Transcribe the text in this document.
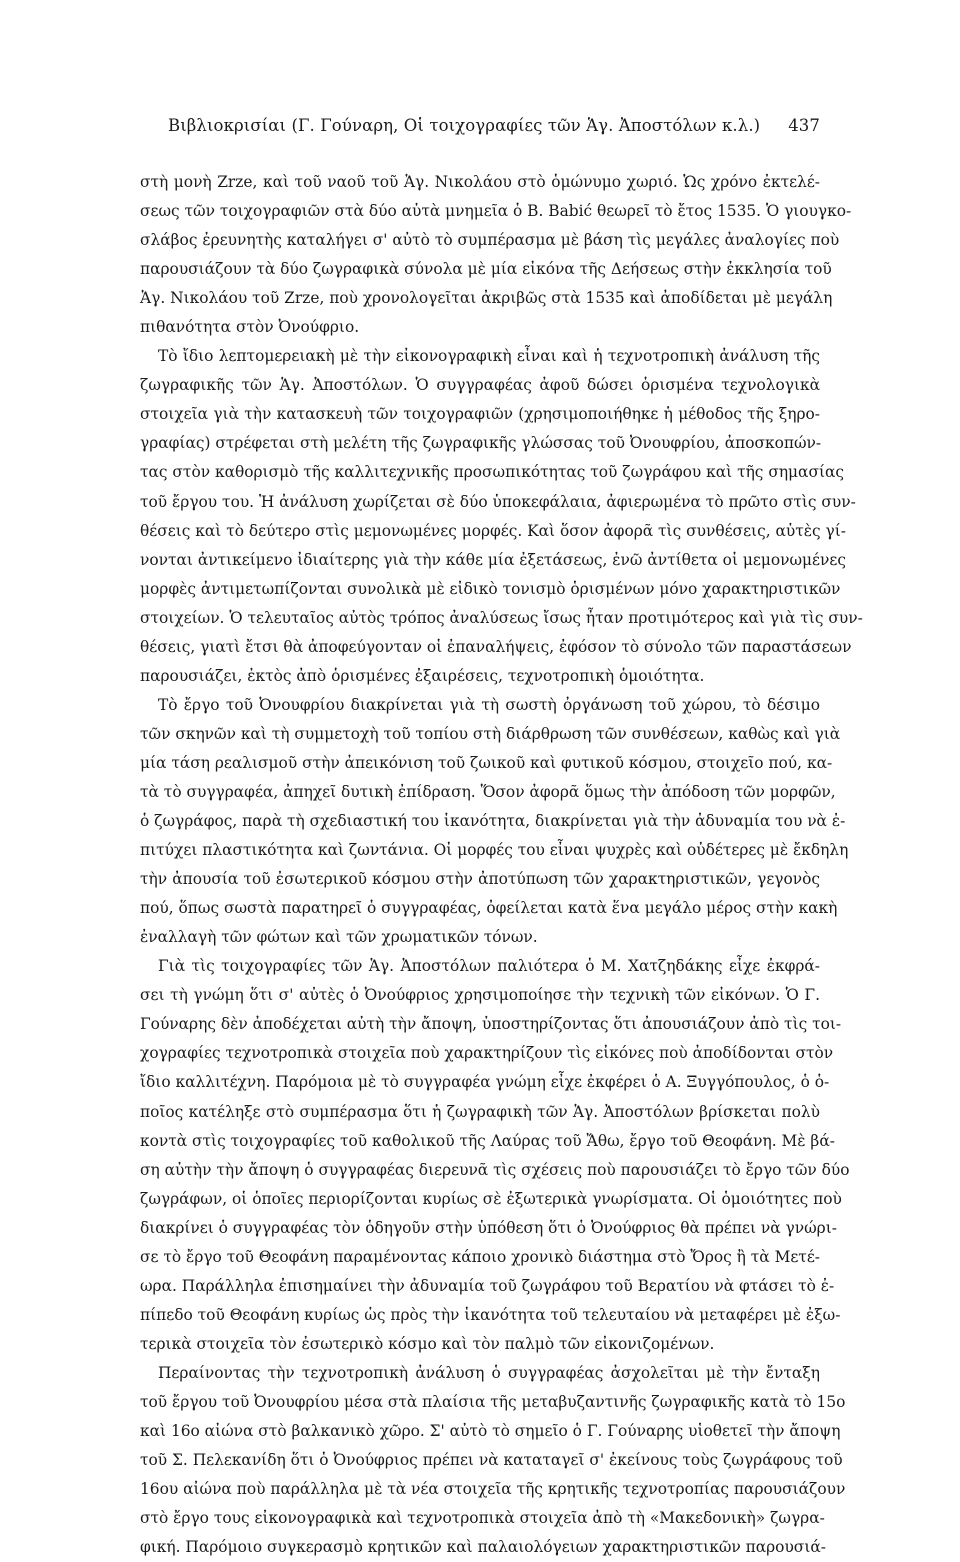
Βιβλιοκρισίαι (Γ. Γούναρη, Οἱ τοιχογραφίες τῶν Ἁγ. Ἀποστόλων κ.λ.) 437

στὴ μονὴ Zrze, καὶ τοῦ ναοῦ τοῦ Ἁγ. Νικολάου στὸ ὁμώνυμο χωριό. Ὡς χρόνο ἐκτελέ-
σεως τῶν τοιχογραφιῶν στὰ δύο αὐτὰ μνημεῖα ὁ Β. Babić θεωρεῖ τὸ ἔτος 1535. Ὁ γιουγκο-
σλάβος ἐρευνητὴς καταλήγει σ' αὐτὸ τὸ συμπέρασμα μὲ βάση τὶς μεγάλες ἀναλογίες ποὺ
παρουσιάζουν τὰ δύο ζωγραφικὰ σύνολα μὲ μία εἰκόνα τῆς Δεήσεως στὴν ἐκκλησία τοῦ
Ἁγ. Νικολάου τοῦ Zrze, ποὺ χρονολογεῖται ἀκριβῶς στὰ 1535 καὶ ἀποδίδεται μὲ μεγάλη
πιθανότητα στὸν Ὀνούφριο.

Τὸ ἴδιο λεπτομερειακὴ μὲ τὴν εἰκονογραφικὴ εἶναι καὶ ἡ τεχνοτροπικὴ ἀνάλυση τῆς
ζωγραφικῆς τῶν Ἁγ. Ἀποστόλων. Ὁ συγγραφέας ἀφοῦ δώσει ὁρισμένα τεχνολογικὰ
στοιχεῖα γιὰ τὴν κατασκευὴ τῶν τοιχογραφιῶν (χρησιμοποιήθηκε ἡ μέθοδος τῆς ξηρο-
γραφίας) στρέφεται στὴ μελέτη τῆς ζωγραφικῆς γλώσσας τοῦ Ὀνουφρίου, ἀποσκοπών-
τας στὸν καθορισμὸ τῆς καλλιτεχνικῆς προσωπικότητας τοῦ ζωγράφου καὶ τῆς σημασίας
τοῦ ἔργου του. Ἡ ἀνάλυση χωρίζεται σὲ δύο ὑποκεφάλαια, ἀφιερωμένα τὸ πρῶτο στὶς συν-
θέσεις καὶ τὸ δεύτερο στὶς μεμονωμένες μορφές. Καὶ ὅσον ἀφορᾶ τὶς συνθέσεις, αὐτὲς γί-
νονται ἀντικείμενο ἰδιαίτερης γιὰ τὴν κάθε μία ἐξετάσεως, ἐνῶ ἀντίθετα οἱ μεμονωμένες
μορφὲς ἀντιμετωπίζονται συνολικὰ μὲ εἰδικὸ τονισμὸ ὁρισμένων μόνο χαρακτηριστικῶν
στοιχείων. Ὁ τελευταῖος αὐτὸς τρόπος ἀναλύσεως ἴσως ἦταν προτιμότερος καὶ γιὰ τὶς συν-
θέσεις, γιατὶ ἔτσι θὰ ἀποφεύγονταν οἱ ἐπαναλήψεις, ἐφόσον τὸ σύνολο τῶν παραστάσεων
παρουσιάζει, ἐκτὸς ἀπὸ ὁρισμένες ἐξαιρέσεις, τεχνοτροπικὴ ὁμοιότητα.

Τὸ ἔργο τοῦ Ὀνουφρίου διακρίνεται γιὰ τὴ σωστὴ ὀργάνωση τοῦ χώρου, τὸ δέσιμο
τῶν σκηνῶν καὶ τὴ συμμετοχὴ τοῦ τοπίου στὴ διάρθρωση τῶν συνθέσεων, καθὼς καὶ γιὰ
μία τάση ρεαλισμοῦ στὴν ἀπεικόνιση τοῦ ζωικοῦ καὶ φυτικοῦ κόσμου, στοιχεῖο πού, κα-
τὰ τὸ συγγραφέα, ἀπηχεῖ δυτικὴ ἐπίδραση. Ὅσον ἀφορᾶ ὅμως τὴν ἀπόδοση τῶν μορφῶν,
ὁ ζωγράφος, παρὰ τὴ σχεδιαστική του ἱκανότητα, διακρίνεται γιὰ τὴν ἀδυναμία του νὰ ἐ-
πιτύχει πλαστικότητα καὶ ζωντάνια. Οἱ μορφές του εἶναι ψυχρὲς καὶ οὐδέτερες μὲ ἔκδηλη
τὴν ἀπουσία τοῦ ἐσωτερικοῦ κόσμου στὴν ἀποτύπωση τῶν χαρακτηριστικῶν, γεγονὸς
πού, ὅπως σωστὰ παρατηρεῖ ὁ συγγραφέας, ὀφείλεται κατὰ ἕνα μεγάλο μέρος στὴν κακὴ
ἐναλλαγὴ τῶν φώτων καὶ τῶν χρωματικῶν τόνων.

Γιὰ τὶς τοιχογραφίες τῶν Ἁγ. Ἀποστόλων παλιότερα ὁ Μ. Χατζηδάκης εἶχε ἐκφρά-
σει τὴ γνώμη ὅτι σ' αὐτὲς ὁ Ὀνούφριος χρησιμοποίησε τὴν τεχνικὴ τῶν εἰκόνων. Ὁ Γ.
Γούναρης δὲν ἀποδέχεται αὐτὴ τὴν ἄποψη, ὑποστηρίζοντας ὅτι ἀπουσιάζουν ἀπὸ τὶς τοι-
χογραφίες τεχνοτροπικὰ στοιχεῖα ποὺ χαρακτηρίζουν τὶς εἰκόνες ποὺ ἀποδίδονται στὸν
ἴδιο καλλιτέχνη. Παρόμοια μὲ τὸ συγγραφέα γνώμη εἶχε ἐκφέρει ὁ Α. Ξυγγόπουλος, ὁ ὁ-
ποῖος κατέληξε στὸ συμπέρασμα ὅτι ἡ ζωγραφικὴ τῶν Ἁγ. Ἀποστόλων βρίσκεται πολὺ
κοντὰ στὶς τοιχογραφίες τοῦ καθολικοῦ τῆς Λαύρας τοῦ Ἄθω, ἔργο τοῦ Θεοφάνη. Μὲ βά-
ση αὐτὴν τὴν ἄποψη ὁ συγγραφέας διερευνᾶ τὶς σχέσεις ποὺ παρουσιάζει τὸ ἔργο τῶν δύο
ζωγράφων, οἱ ὁποῖες περιορίζονται κυρίως σὲ ἐξωτερικὰ γνωρίσματα. Οἱ ὁμοιότητες ποὺ
διακρίνει ὁ συγγραφέας τὸν ὁδηγοῦν στὴν ὑπόθεση ὅτι ὁ Ὀνούφριος θὰ πρέπει νὰ γνώρι-
σε τὸ ἔργο τοῦ Θεοφάνη παραμένοντας κάποιο χρονικὸ διάστημα στὸ Ὄρος ἢ τὰ Μετέ-
ωρα. Παράλληλα ἐπισημαίνει τὴν ἀδυναμία τοῦ ζωγράφου τοῦ Βερατίου νὰ φτάσει τὸ ἐ-
πίπεδο τοῦ Θεοφάνη κυρίως ὡς πρὸς τὴν ἱκανότητα τοῦ τελευταίου νὰ μεταφέρει μὲ ἐξω-
τερικὰ στοιχεῖα τὸν ἐσωτερικὸ κόσμο καὶ τὸν παλμὸ τῶν εἰκονιζομένων.

Περαίνοντας τὴν τεχνοτροπικὴ ἀνάλυση ὁ συγγραφέας ἀσχολεῖται μὲ τὴν ἔνταξη
τοῦ ἔργου τοῦ Ὀνουφρίου μέσα στὰ πλαίσια τῆς μεταβυζαντινῆς ζωγραφικῆς κατὰ τὸ 15ο
καὶ 16ο αἰώνα στὸ βαλκανικὸ χῶρο. Σ' αὐτὸ τὸ σημεῖο ὁ Γ. Γούναρης υἱοθετεῖ τὴν ἄποψη
τοῦ Σ. Πελεκανίδη ὅτι ὁ Ὀνούφριος πρέπει νὰ καταταγεῖ σ' ἐκείνους τοὺς ζωγράφους τοῦ
16ου αἰώνα ποὺ παράλληλα μὲ τὰ νέα στοιχεῖα τῆς κρητικῆς τεχνοτροπίας παρουσιάζουν
στὸ ἔργο τους εἰκονογραφικὰ καὶ τεχνοτροπικὰ στοιχεῖα ἀπὸ τὴ «Μακεδονικὴ» ζωγρα-
φική. Παρόμοιο συγκερασμὸ κρητικῶν καὶ παλαιολόγειων χαρακτηριστικῶν παρουσιά-
